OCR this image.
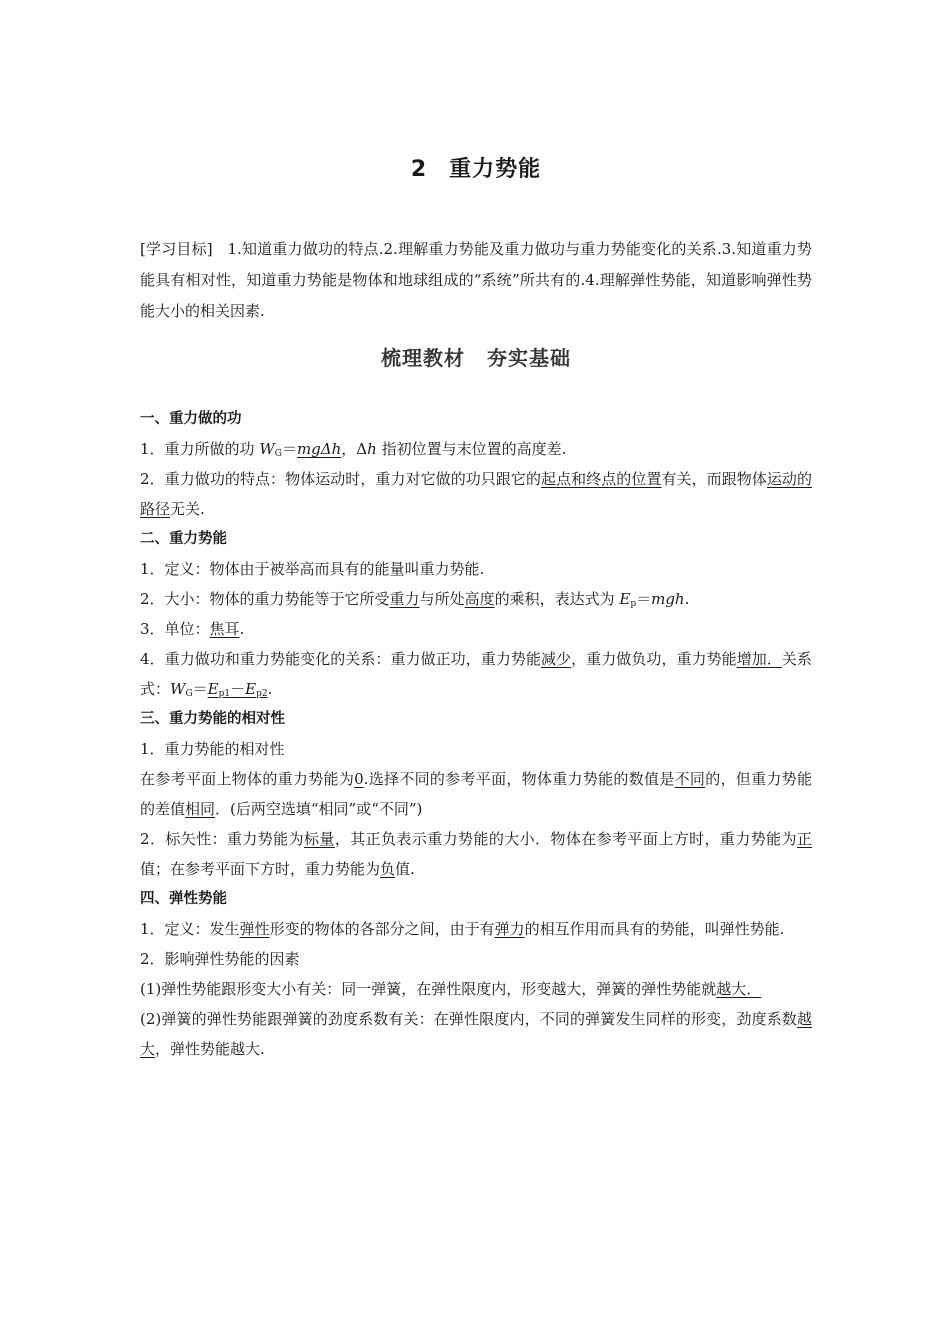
2 重力势能
[学习目标] 1.知道重力做功的特点.2.理解重力势能及重力做功与重力势能变化的关系.3.知道重力势能具有相对性，知道重力势能是物体和地球组成的“系统”所共有的.4.理解弹性势能，知道影响弹性势能大小的相关因素.
梳理教材 夯实基础

一、重力做的功

1．重力所做的功 $W_G=mg\Delta h$，Δh 指初位置与末位置的高度差.

2．重力做功的特点：物体运动时，重力对它做的功只跟它的起点和终点的位置有关，而跟物体运动的路径无关.

二、重力势能

1．定义：物体由于被举高而具有的能量叫重力势能.

2．大小：物体的重力势能等于它所受重力与所处高度的乘积，表达式为 $E_p=mgh$.

3．单位：焦耳.

4．重力做功和重力势能变化的关系：重力做正功，重力势能减少，重力做负功，重力势能增加．关系式：$W_G=E_{p1}-E_{p2}$.

三、重力势能的相对性

1．重力势能的相对性

在参考平面上物体的重力势能为0.选择不同的参考平面，物体重力势能的数值是不同的，但重力势能的差值相同．(后两空选填“相同”或“不同”)

2．标矢性：重力势能为标量，其正负表示重力势能的大小．物体在参考平面上方时，重力势能为正值；在参考平面下方时，重力势能为负值.

四、弹性势能

1．定义：发生弹性形变的物体的各部分之间，由于有弹力的相互作用而具有的势能，叫弹性势能.

2．影响弹性势能的因素

(1)弹性势能跟形变大小有关：同一弹簧，在弹性限度内，形变越大，弹簧的弹性势能就越大．

(2)弹簧的弹性势能跟弹簧的劲度系数有关：在弹性限度内，不同的弹簧发生同样的形变，劲度系数越大，弹性势能越大.
